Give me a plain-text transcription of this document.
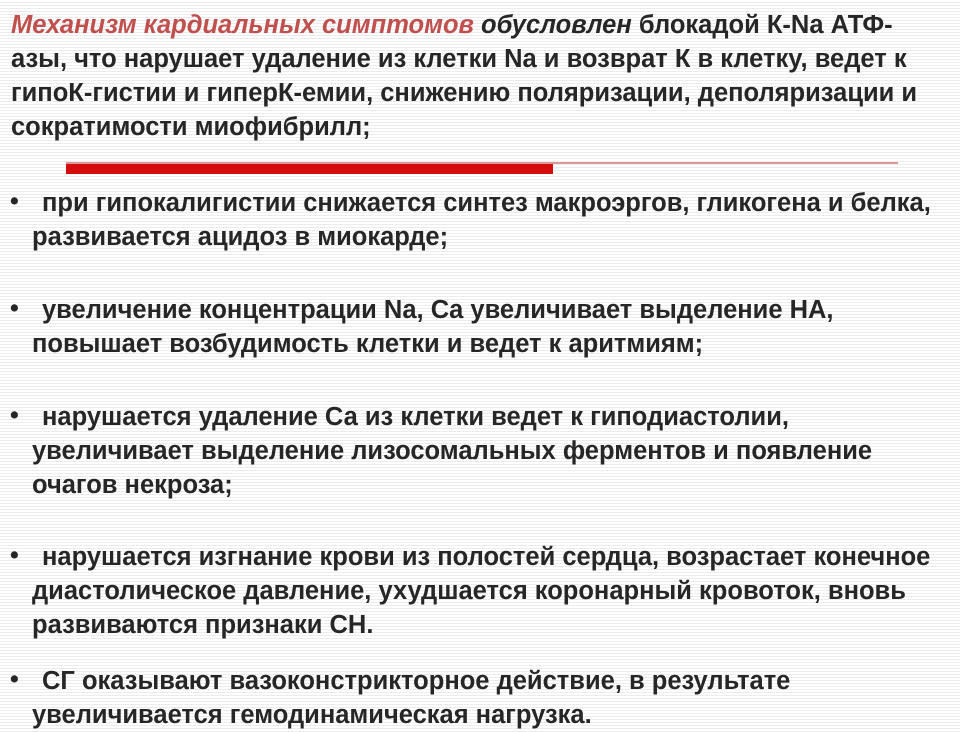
Механизм кардиальных симптомов обусловлен блокадой К-Na АТФ-азы, что нарушает удаление из клетки Na и возврат К в клетку, ведет к гипоК-гистии и гиперК-емии, снижению поляризации, деполяризации и сократимости миофибрилл;

• при гипокалигистии снижается синтез макроэргов, гликогена и белка, развивается ацидоз в миокарде;
• увеличение концентрации Na, Ca увеличивает выделение НА, повышает возбудимость клетки и ведет к аритмиям;
• нарушается удаление Са из клетки ведет к гиподиастолии, увеличивает выделение лизосомальных ферментов и появление очагов некроза;
• нарушается изгнание крови из полостей сердца, возрастает конечное диастолическое давление, ухудшается коронарный кровоток, вновь развиваются признаки СН.
• СГ оказывают вазоконстрикторное действие, в результате увеличивается гемодинамическая нагрузка.
